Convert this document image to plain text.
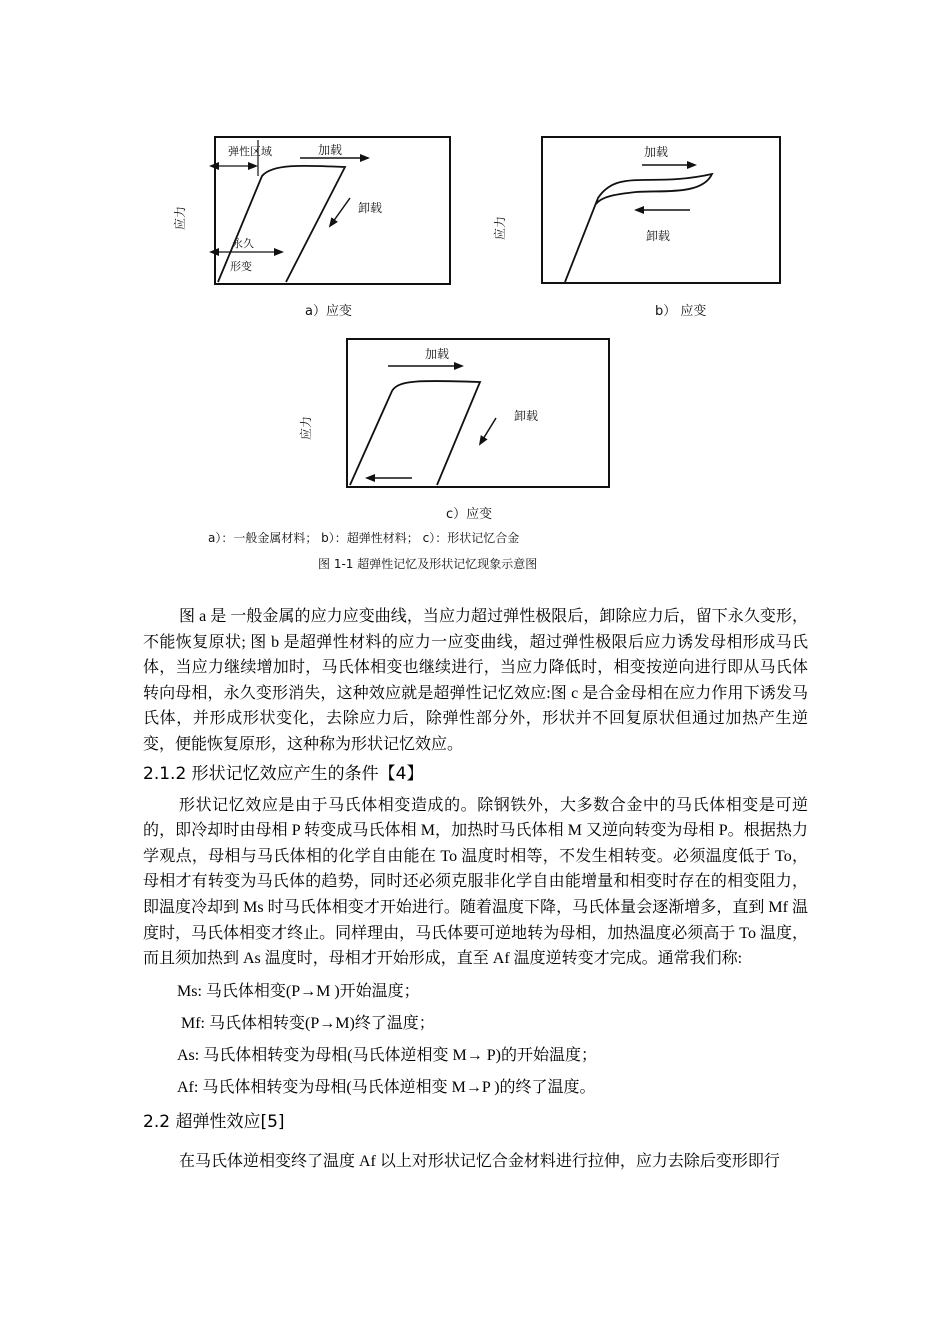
弹性区域	加载
卸载
永久
形变
应力
a）应变
加载
卸载
应力
b） 应变
加载
卸载
应力
c）应变
a）：一般金属材料； b）：超弹性材料； c）：形状记忆合金
图 1-1 超弹性记忆及形状记忆现象示意图

图 a 是 一般金属的应力应变曲线，当应力超过弹性极限后，卸除应力后，留下永久变形，不能恢复原状; 图 b 是超弹性材料的应力一应变曲线，超过弹性极限后应力诱发母相形成马氏体，当应力继续增加时，马氏体相变也继续进行，当应力降低时，相变按逆向进行即从马氏体转向母相，永久变形消失，这种效应就是超弹性记忆效应:图 c 是合金母相在应力作用下诱发马氏体，并形成形状变化，去除应力后，除弹性部分外，形状并不回复原状但通过加热产生逆变，便能恢复原形，这种称为形状记忆效应。

2.1.2 形状记忆效应产生的条件【4】

形状记忆效应是由于马氏体相变造成的。除钢铁外，大多数合金中的马氏体相变是可逆的，即冷却时由母相 P 转变成马氏体相 M，加热时马氏体相 M 又逆向转变为母相 P。根据热力学观点，母相与马氏体相的化学自由能在 To 温度时相等，不发生相转变。必须温度低于 To，母相才有转变为马氏体的趋势，同时还必须克服非化学自由能增量和相变时存在的相变阻力，即温度冷却到 Ms 时马氏体相变才开始进行。随着温度下降，马氏体量会逐渐增多，直到 Mf 温度时，马氏体相变才终止。同样理由，马氏体要可逆地转为母相，加热温度必须高于 To 温度，而且须加热到 As 温度时，母相才开始形成，直至 Af 温度逆转变才完成。通常我们称:

Ms: 马氏体相变(P→M )开始温度；
Mf: 马氏体相转变(P→M)终了温度；
As: 马氏体相转变为母相(马氏体逆相变 M→ P)的开始温度；
Af: 马氏体相转变为母相(马氏体逆相变 M→P )的终了温度。
2.2 超弹性效应[5]

在马氏体逆相变终了温度 Af 以上对形状记忆合金材料进行拉伸，应力去除后变形即行
